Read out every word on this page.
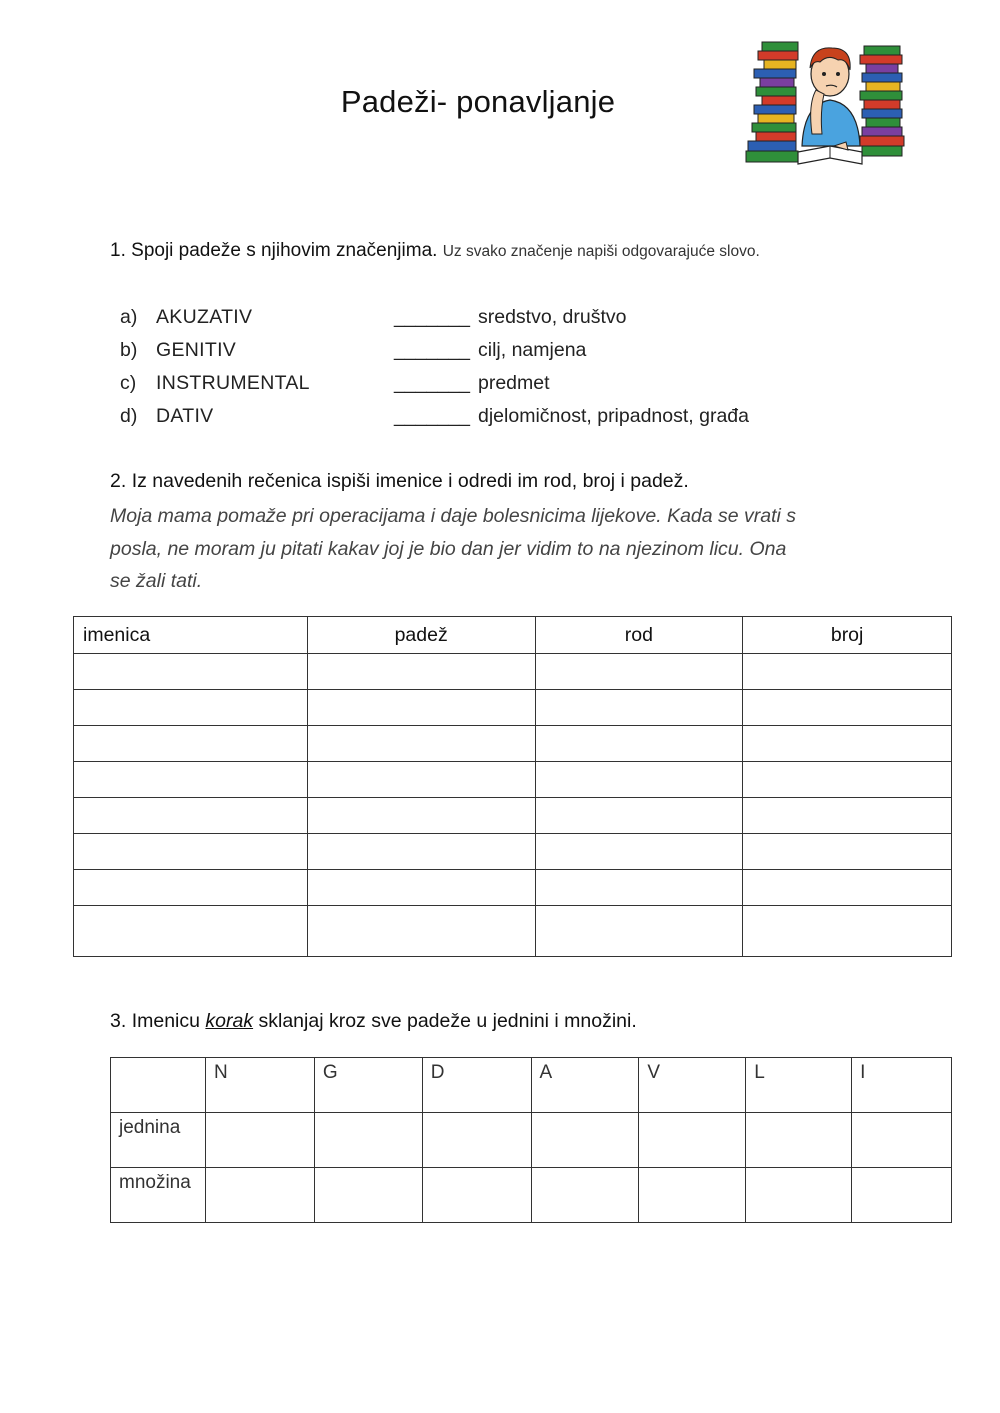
Padeži- ponavljanje
1. Spoji padeže s njihovim značenjima. Uz svako značenje napiši odgovarajuće slovo.
a) AKUZATIV	_______ sredstvo, društvo
b) GENITIV	_______ cilj, namjena
c)	INSTRUMENTAL	_______ predmet
d) DATIV	_______ djelomičnost, pripadnost, građa
2. Iz navedenih rečenica ispiši imenice i odredi im rod, broj i padež.
Moja mama pomaže pri operacijama i daje bolesnicima lijekove. Kada se vrati s
posla, ne moram ju pitati kakav joj je bio dan jer vidim to na njezinom licu. Ona
se žali tati.
imenica	padež	rod	broj

3. Imenicu korak sklanjaj kroz sve padeže u jednini i množini.
	N	G	D	A	V	L	I
jednina							
množina							
